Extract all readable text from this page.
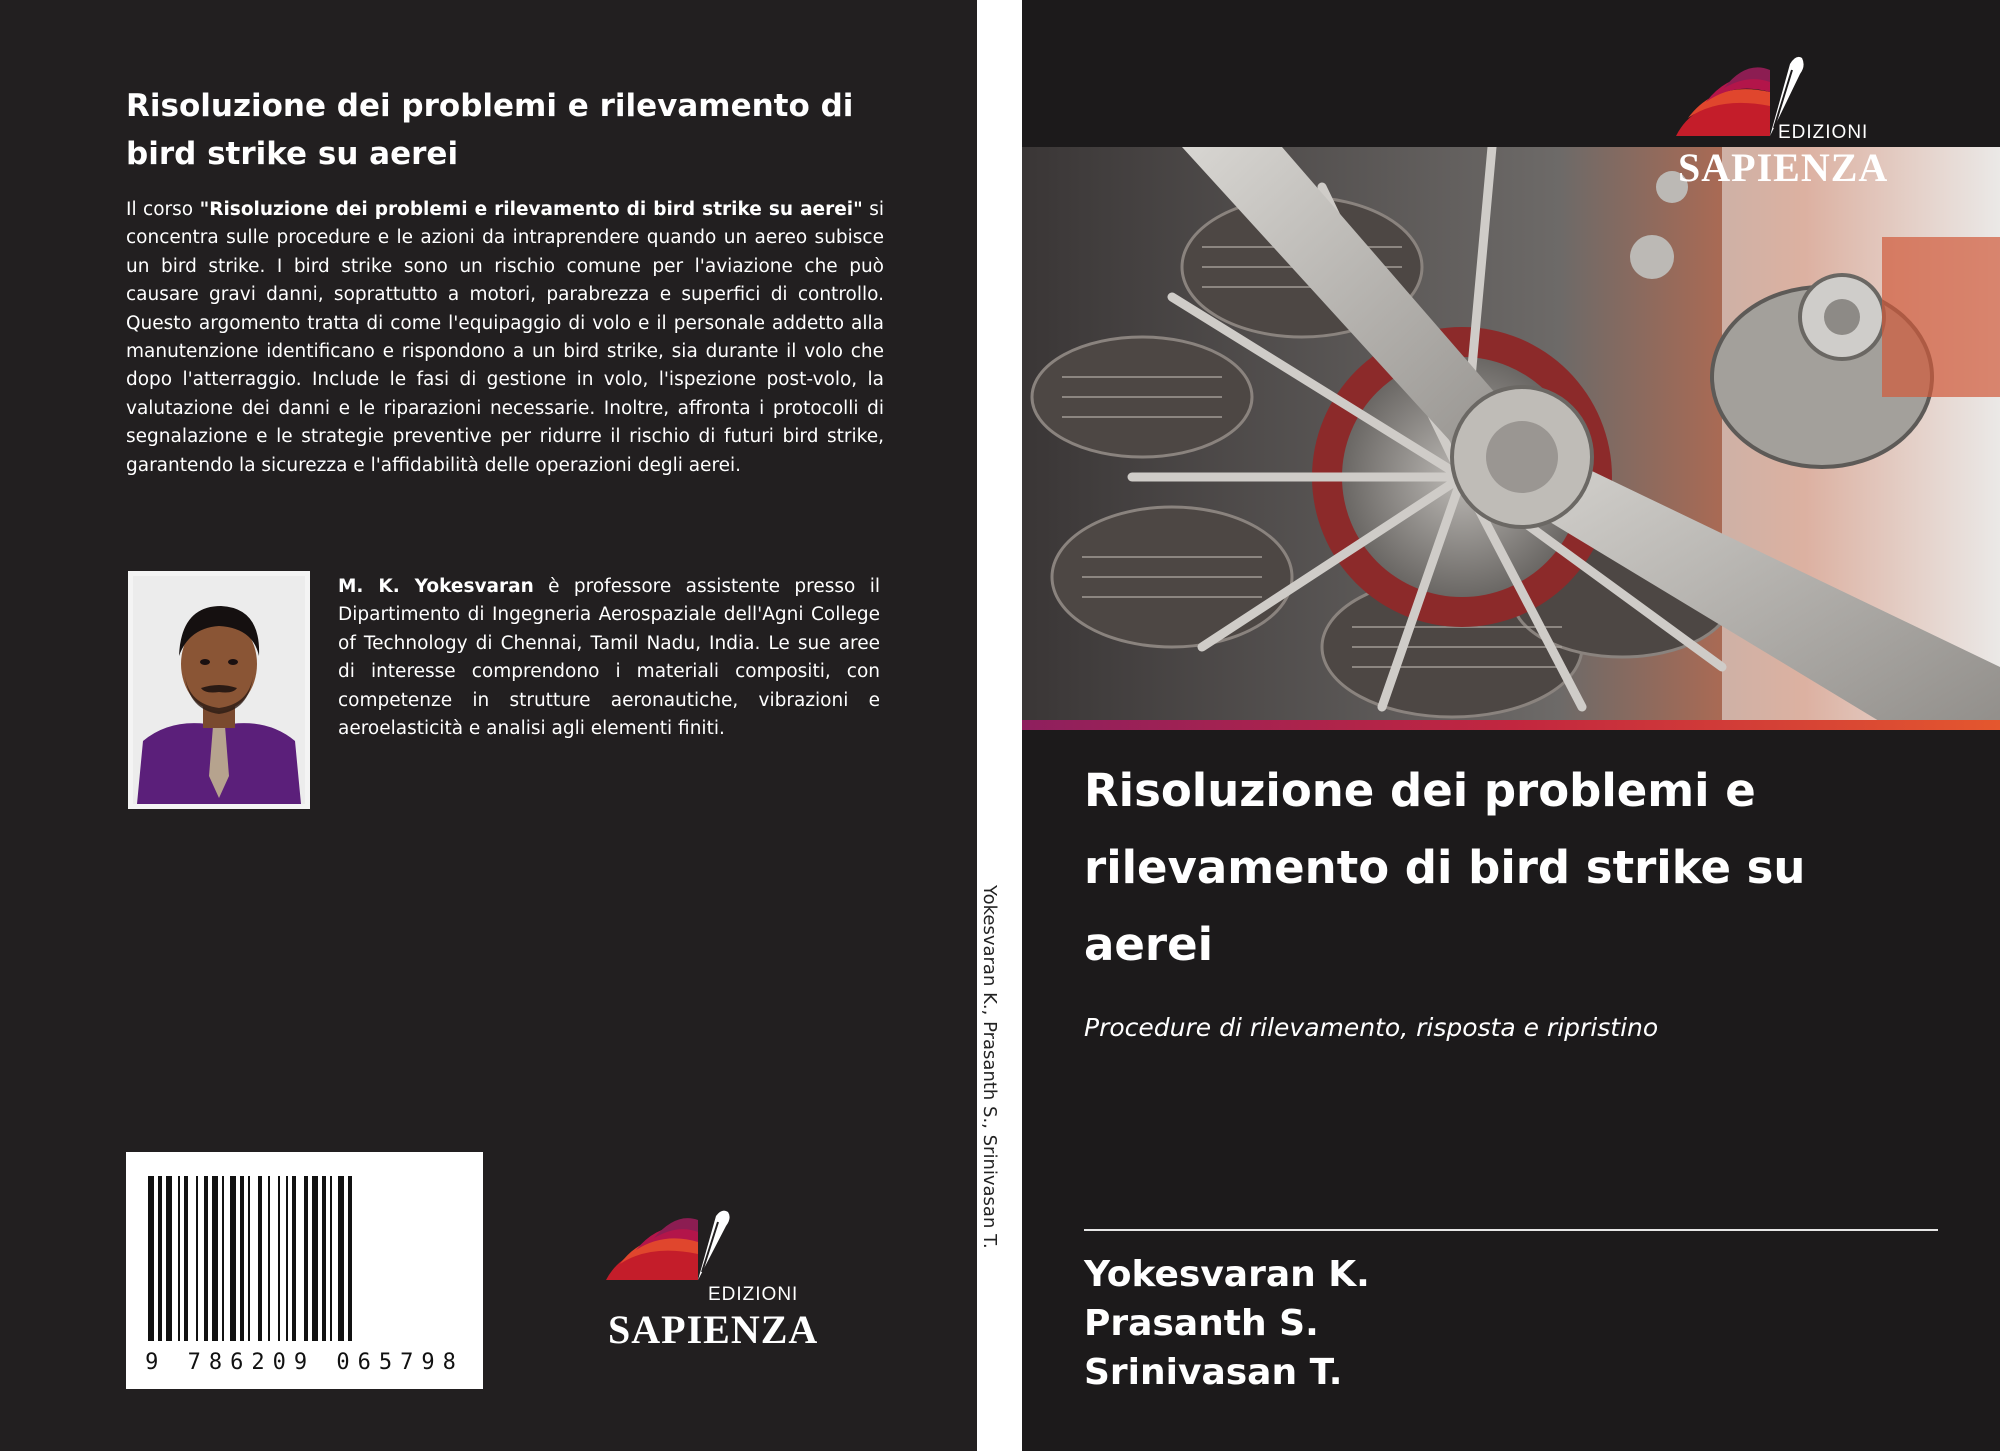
Risoluzione dei problemi e rilevamento di bird strike su aerei

Il corso "Risoluzione dei problemi e rilevamento di bird strike su aerei" si concentra sulle procedure e le azioni da intraprendere quando un aereo subisce un bird strike. I bird strike sono un rischio comune per l'aviazione che può causare gravi danni, soprattutto a motori, parabrezza e superfici di controllo. Questo argomento tratta di come l'equipaggio di volo e il personale addetto alla manutenzione identificano e rispondono a un bird strike, sia durante il volo che dopo l'atterraggio. Include le fasi di gestione in volo, l'ispezione post-volo, la valutazione dei danni e le riparazioni necessarie. Inoltre, affronta i protocolli di segnalazione e le strategie preventive per ridurre il rischio di futuri bird strike, garantendo la sicurezza e l'affidabilità delle operazioni degli aerei.

M. K. Yokesvaran è professore assistente presso il Dipartimento di Ingegneria Aerospaziale dell'Agni College of Technology di Chennai, Tamil Nadu, India. Le sue aree di interesse comprendono i materiali compositi, con competenze in strutture aeronautiche, vibrazioni e aeroelasticità e analisi agli elementi finiti.

9 786209 065798
EDIZIONI
SAPIENZA
Yokesvaran K., Prasanth S., Srinivasan T.
EDIZIONI
SAPIENZA
Risoluzione dei problemi e rilevamento di bird strike su aerei
Procedure di rilevamento, risposta e ripristino
Yokesvaran K.
Prasanth S.
Srinivasan T.
